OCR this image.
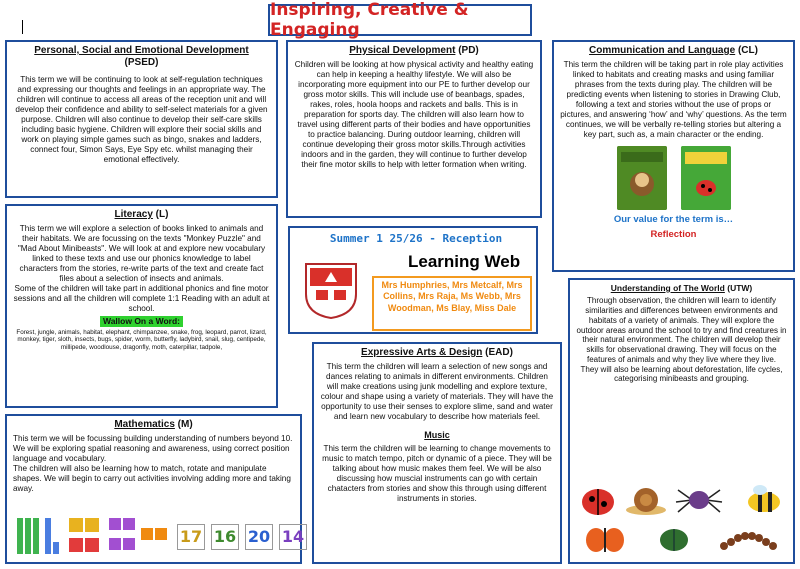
Inspiring, Creative & Engaging
Personal, Social and Emotional Development
(PSED)

This term we will be continuing to look at self-regulation techniques and expressing our thoughts and feelings in an appropriate way. The children will continue to access all areas of the reception unit and will develop their confidence and ability to self-select materials for a given purpose. Children will also continue to develop their self-care skills including basic hygiene. Children will explore their social skills and work on playing simple games such as bingo, snakes and ladders, connect four, Simon Says, Eye Spy etc. whilst managing their emotional effectively.

Physical Development (PD)

Children will be looking at how physical activity and healthy eating can help in keeping a healthy lifestyle. We will also be incorporating more equipment into our PE to further develop our gross motor skills. This will include use of beanbags, spades, rakes, roles, hoola hoops and rackets and balls. This is in preparation for sports day. The children will also learn how to travel using different parts of their bodies and have opportunities to practice balancing. During outdoor learning, children will continue developing their gross motor skills.Through activities indoors and in the garden, they will continue to further develop their fine motor skills to help with letter formation when writing.

Communication and Language (CL)

This term the children will be taking part in role play activities linked to habitats and creating masks and using familiar phrases from the texts during play. The children will be predicting events when listening to stories in Drawing Club, following a text and stories without the use of props or pictures, and answering ‘how’ and ‘why’ questions. As the term continues, we will be verbally re-telling stories but altering a key part, such as, a main character or the ending.

Our value for the term is…
Reflection
Literacy (L)

This term we will explore a selection of books linked to animals and their habitats. We are focussing on the texts "Monkey Puzzle" and "Mad About Minibeasts". We will look at and explore new vocabulary linked to these texts and use our phonics knowledge to label characters from the stories, re-write parts of the text and create fact files about a selection of insects and animals.

Some of the children will take part in additional phonics and fine motor sessions and all the children will complete 1:1 Reading with an adult at school.

Wallow On a Word:

Forest, jungle, animals, habitat, elephant, chimpanzee, snake, frog, leopard, parrot, lizard, monkey, tiger, sloth, insects, bugs, spider, worm, butterfly, ladybird, snail, slug, centipede, millipede, woodlouse, dragonfly, moth, caterpillar, tadpole,

Summer 1 25/26 - Reception
Learning Web
Mrs Humphries, Mrs Metcalf, Mrs Collins, Mrs Raja, Ms Webb, Mrs Woodman, Ms Blay, Miss Dale
Expressive Arts & Design (EAD)

This term the children will learn a selection of new songs and dances relating to animals in different environments. Children will make creations using junk modelling and explore texture, colour and shape using a variety of materials. They will have the opportunity to use their senses to explore slime, sand and water and learn new vocabulary to describe how materials feel.

Music

This term the children will be learning to change movements to music to match tempo, pitch or dynamic of a piece. They will be talking about how music makes them feel. We will be also discussing how muscial instruments can go with certain chatacters from stories and show this through using different instruments in stories.

Understanding of The World (UTW)

Through observation, the children will learn to identify similarities and differences between environments and habitats of a variety of animals. They will explore the outdoor areas around the school to try and find creatures in their natural environment. The children will develop their skills for observational drawing. They will focus on the features of animals and why they live where they live.

They will also be learning about deforestation, life cycles, categorising minibeasts and grouping.

Mathematics (M)

This term we will be focussing building understanding of numbers beyond 10. We will be exploring spatial reasoning and awareness, using correct position language and vocabulary.

The children will also be learning how to match, rotate and manipulate shapes. We will begin to carry out activities involving adding more and taking away.

17 16 20 14
